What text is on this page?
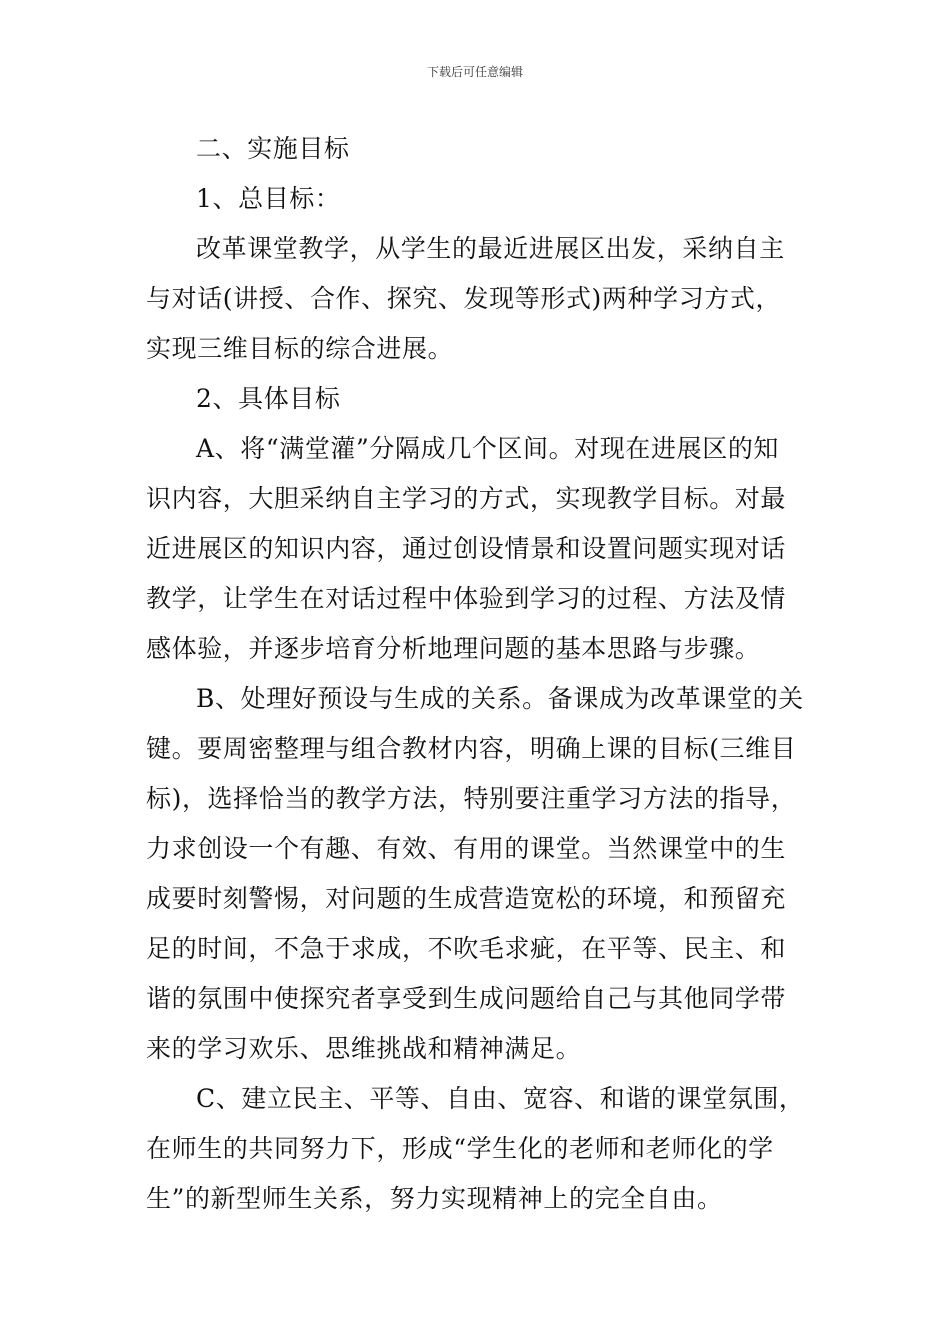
下载后可任意编辑

二、实施目标

1、总目标：

改革课堂教学，从学生的最近进展区出发，采纳自主

与对话(讲授、合作、探究、发现等形式)两种学习方式，

实现三维目标的综合进展。

2、具体目标

A、将“满堂灌”分隔成几个区间。对现在进展区的知

识内容，大胆采纳自主学习的方式，实现教学目标。对最

近进展区的知识内容，通过创设情景和设置问题实现对话

教学，让学生在对话过程中体验到学习的过程、方法及情

感体验，并逐步培育分析地理问题的基本思路与步骤。

B、处理好预设与生成的关系。备课成为改革课堂的关

键。要周密整理与组合教材内容，明确上课的目标(三维目

标)，选择恰当的教学方法，特别要注重学习方法的指导，

力求创设一个有趣、有效、有用的课堂。当然课堂中的生

成要时刻警惕，对问题的生成营造宽松的环境，和预留充

足的时间，不急于求成，不吹毛求疵，在平等、民主、和

谐的氛围中使探究者享受到生成问题给自己与其他同学带

来的学习欢乐、思维挑战和精神满足。

C、建立民主、平等、自由、宽容、和谐的课堂氛围，

在师生的共同努力下，形成“学生化的老师和老师化的学

生”的新型师生关系，努力实现精神上的完全自由。
